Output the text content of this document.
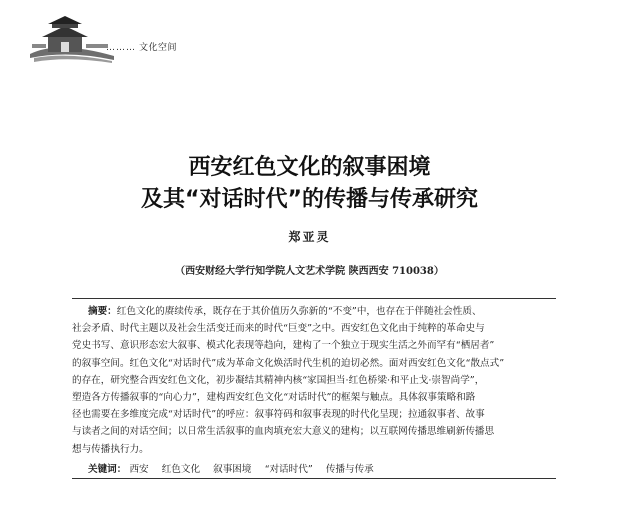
……… 文化空间
西安红色文化的叙事困境
及其“对话时代”的传播与传承研究
郑亚灵
（西安财经大学行知学院人文艺术学院 陕西西安 710038）
摘要：红色文化的赓续传承，既存在于其价值历久弥新的“不变”中，也存在于伴随社会性质、
社会矛盾、时代主题以及社会生活变迁而来的时代“巨变”之中。西安红色文化由于纯粹的革命史与
党史书写、意识形态宏大叙事、模式化表现等趋向，建构了一个独立于现实生活之外而罕有“栖居者”
的叙事空间。红色文化“对话时代”成为革命文化焕活时代生机的迫切必然。面对西安红色文化“散点式”
的存在，研究整合西安红色文化，初步凝结其精神内核“家国担当·红色桥梁·和平止戈·崇智尚学”，
塑造各方传播叙事的“向心力”，建构西安红色文化“对话时代”的框架与触点。具体叙事策略和路
径也需要在多维度完成“对话时代”的呼应：叙事符码和叙事表现的时代化呈现；拉通叙事者、故事
与读者之间的对话空间；以日常生活叙事的血肉填充宏大意义的建构；以互联网传播思维刷新传播思
想与传播执行力。
关键词： 西安 红色文化 叙事困境 “对话时代” 传播与传承
